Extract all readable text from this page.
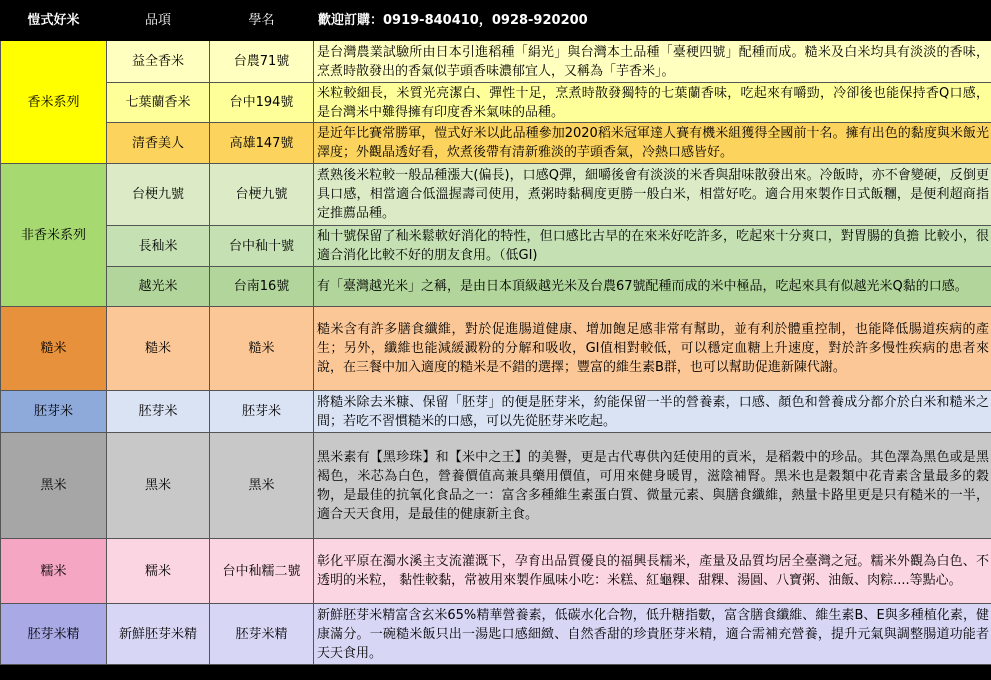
愷式好米	品項	學名	歡迎訂購：0919-840410，0928-920200
香米系列	益全香米	台農71號	是台灣農業試驗所由日本引進稻種「絹光」與台灣本土品種「臺稉四號」配種而成。糙米及白米均具有淡淡的香味，烹煮時散發出的香氣似芋頭香味濃郁宜人，又稱為「芋香米」。
	七葉蘭香米	台中194號	米粒較細長，米質光亮潔白、彈性十足，烹煮時散發獨特的七葉蘭香味，吃起來有嚼勁，冷卻後也能保持香Q口感，是台灣米中難得擁有印度香米氣味的品種。
	清香美人	高雄147號	是近年比賽常勝軍，愷式好米以此品種參加2020稻米冠軍達人賽有機米組獲得全國前十名。擁有出色的黏度與米飯光澤度；外觀晶透好看，炊煮後帶有清新雅淡的芋頭香氣，冷熱口感皆好。
非香米系列	台梗九號	台梗九號	煮熟後米粒較一般品種漲大(偏長)，口感Q彈，細嚼後會有淡淡的米香與甜味散發出來。冷飯時，亦不會變硬，反倒更具口感，相當適合低溫握壽司使用，煮粥時黏稠度更勝一般白米，相當好吃。適合用來製作日式飯糰，是便利超商指定推薦品種。
	長秈米	台中秈十號	秈十號保留了秈米鬆軟好消化的特性，但口感比古早的在來米好吃許多，吃起來十分爽口，對胃腸的負擔 比較小，很適合消化比較不好的朋友食用。（低GI)
	越光米	台南16號	有「臺灣越光米」之稱，是由日本頂級越光米及台農67號配種而成的米中極品，吃起來具有似越光米Q黏的口感。
糙米	糙米	糙米	糙米含有許多膳食纖維，對於促進腸道健康、增加飽足感非常有幫助，並有利於體重控制，也能降低腸道疾病的產生；另外，纖維也能減緩澱粉的分解和吸收，GI值相對較低，可以穩定血糖上升速度，對於許多慢性疾病的患者來說，在三餐中加入適度的糙米是不錯的選擇；豐富的維生素B群，也可以幫助促進新陳代謝。
胚芽米	胚芽米	胚芽米	將糙米除去米糠、保留「胚芽」的便是胚芽米，約能保留一半的營養素，口感、顏色和營養成分都介於白米和糙米之間；若吃不習慣糙米的口感，可以先從胚芽米吃起。
黑米	黑米	黑米	黑米素有【黑珍珠】和【米中之王】的美譽，更是古代專供內廷使用的貢米，是稻穀中的珍品。其色澤為黑色或是黑褐色，米芯為白色，營養價值高兼具藥用價值，可用來健身暖胃，滋陰補腎。黑米也是穀類中花青素含量最多的穀物，是最佳的抗氧化食品之一：富含多種維生素蛋白質、微量元素、與膳食纖維，熱量卡路里更是只有糙米的一半，適合天天食用，是最佳的健康新主食。
糯米	糯米	台中秈糯二號	彰化平原在濁水溪主支流灌溉下，孕育出品質優良的福興長糯米，產量及品質均居全臺灣之冠。糯米外觀為白色、不透明的米粒， 黏性較黏，常被用來製作風味小吃：米糕、紅龜粿、甜粿、湯圓、八寶粥、油飯、肉粽....等點心。
胚芽米精	新鮮胚芽米精	胚芽米精	新鮮胚芽米精富含玄米65%精華營養素，低碳水化合物，低升糖指數，富含膳食纖維、維生素B、E與多種植化素，健康滿分。一碗糙米飯只出一湯匙口感細緻、自然香甜的珍貴胚芽米精，適合需補充營養，提升元氣與調整腸道功能者天天食用。
